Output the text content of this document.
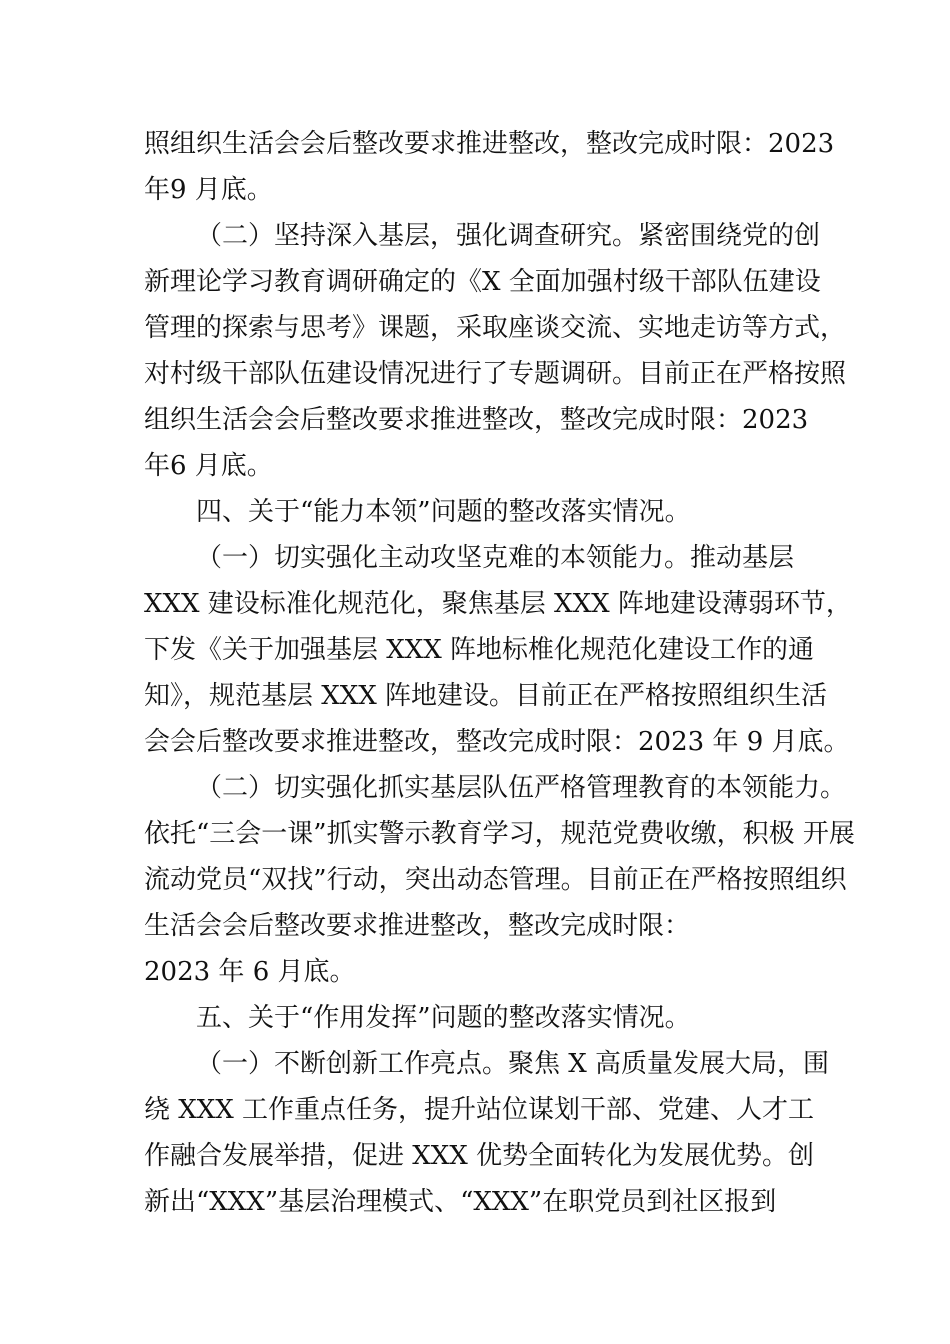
照组织生活会会后整改要求推进整改，整改完成时限：2023
年9 月底。
（二）坚持深入基层，强化调查研究。紧密围绕党的创
新理论学习教育调研确定的《X 全面加强村级干部队伍建设
管理的探索与思考》课题，采取座谈交流、实地走访等方式，
对村级干部队伍建设情况进行了专题调研。目前正在严格按照
组织生活会会后整改要求推进整改，整改完成时限：2023
年6 月底。
四、关于“能力本领”问题的整改落实情况。
（一）切实强化主动攻坚克难的本领能力。推动基层
XXX 建设标准化规范化，聚焦基层 XXX 阵地建设薄弱环节，
下发《关于加强基层 XXX 阵地标椎化规范化建设工作的通
知》，规范基层 XXX 阵地建设。目前正在严格按照组织生活
会会后整改要求推进整改，整改完成时限：2023 年 9 月底。
（二）切实强化抓实基层队伍严格管理教育的本领能力。
依托“三会一课”抓实警示教育学习，规范党费收缴，积极 开展
流动党员“双找”行动，突出动态管理。目前正在严格按照组织
生活会会后整改要求推进整改，整改完成时限：
2023 年 6 月底。
五、关于“作用发挥”问题的整改落实情况。
（一）不断创新工作亮点。聚焦 X 高质量发展大局，围
绕 XXX 工作重点任务，提升站位谋划干部、党建、人才工
作融合发展举措，促进 XXX 优势全面转化为发展优势。创
新出“XXX”基层治理模式、“XXX”在职党员到社区报到
